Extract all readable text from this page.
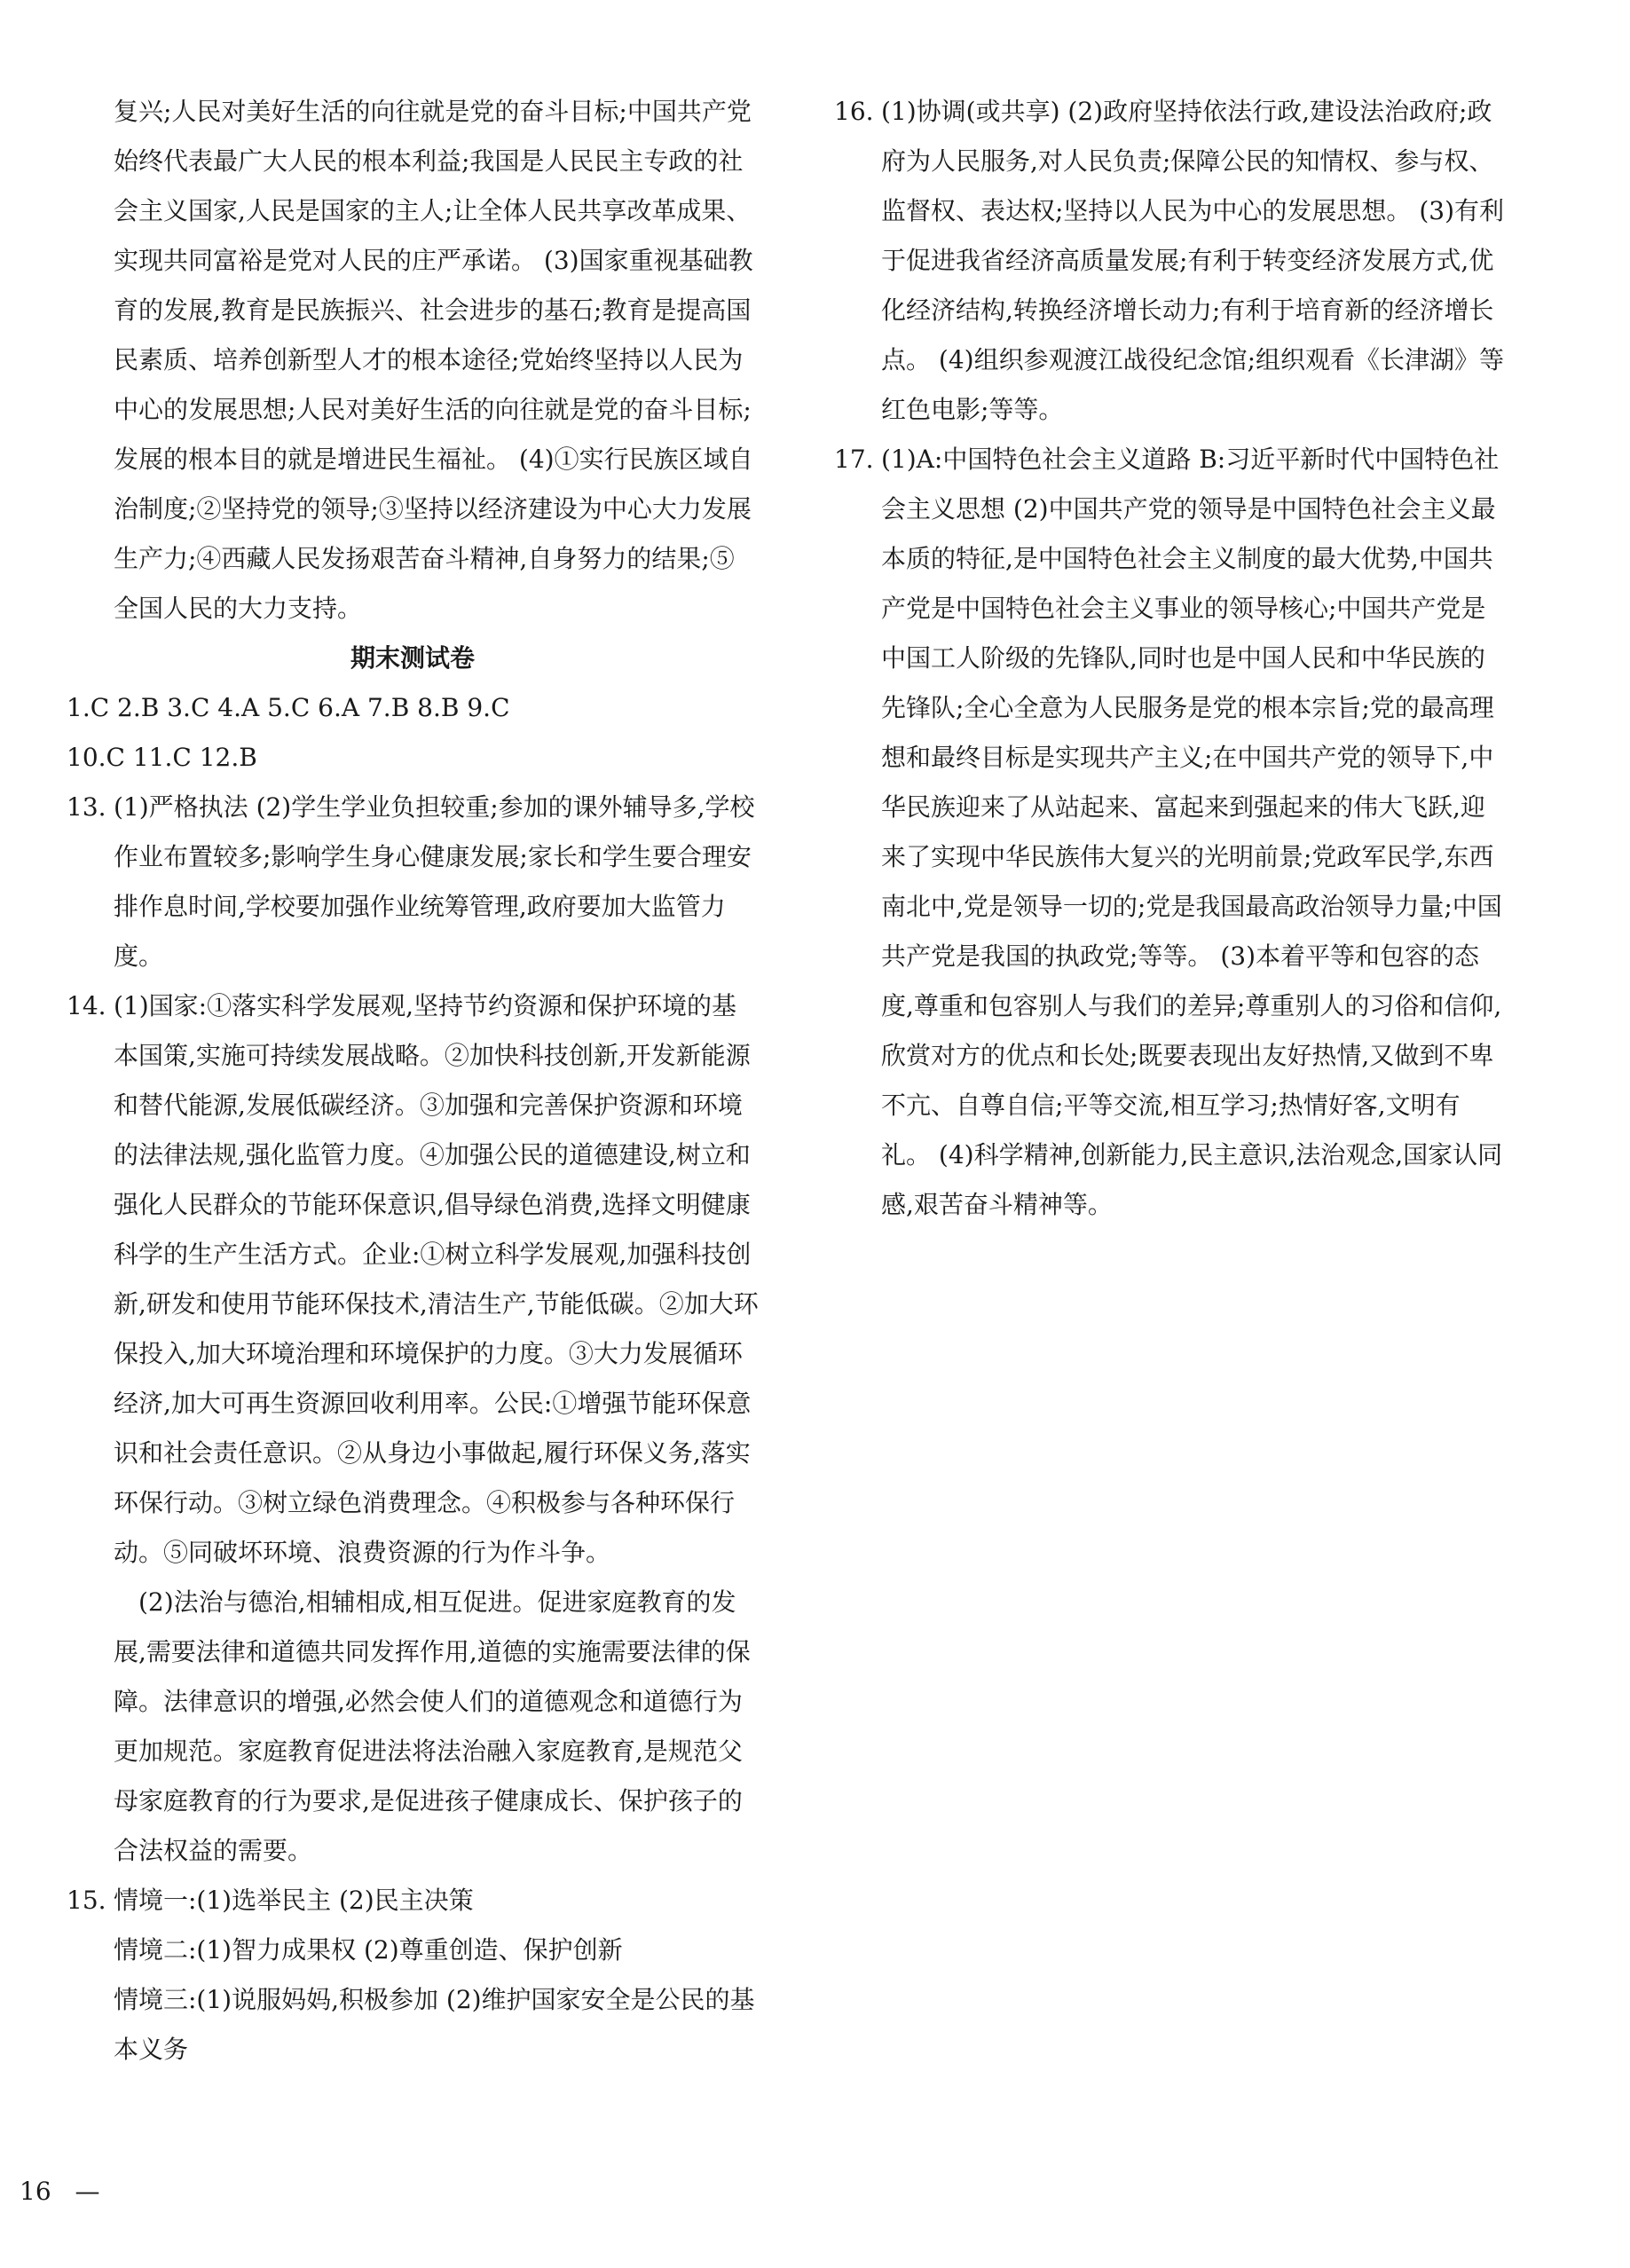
复兴;人民对美好生活的向往就是党的奋斗目标;中国共产党始终代表最广大人民的根本利益;我国是人民民主专政的社会主义国家,人民是国家的主人;让全体人民共享改革成果、实现共同富裕是党对人民的庄严承诺。 (3)国家重视基础教育的发展,教育是民族振兴、社会进步的基石;教育是提高国民素质、培养创新型人才的根本途径;党始终坚持以人民为中心的发展思想;人民对美好生活的向往就是党的奋斗目标;发展的根本目的就是增进民生福祉。 (4)①实行民族区域自治制度;②坚持党的领导;③坚持以经济建设为中心大力发展生产力;④西藏人民发扬艰苦奋斗精神,自身努力的结果;⑤全国人民的大力支持。

期末测试卷

1.C 2.B 3.C 4.A 5.C 6.A 7.B 8.B 9.C

10.C 11.C 12.B

13. (1)严格执法 (2)学生学业负担较重;参加的课外辅导多,学校作业布置较多;影响学生身心健康发展;家长和学生要合理安排作息时间,学校要加强作业统筹管理,政府要加大监管力度。
14. (1)国家:①落实科学发展观,坚持节约资源和保护环境的基本国策,实施可持续发展战略。②加快科技创新,开发新能源和替代能源,发展低碳经济。③加强和完善保护资源和环境的法律法规,强化监管力度。④加强公民的道德建设,树立和强化人民群众的节能环保意识,倡导绿色消费,选择文明健康科学的生产生活方式。企业:①树立科学发展观,加强科技创新,研发和使用节能环保技术,清洁生产,节能低碳。②加大环保投入,加大环境治理和环境保护的力度。③大力发展循环经济,加大可再生资源回收利用率。公民:①增强节能环保意识和社会责任意识。②从身边小事做起,履行环保义务,落实环保行动。③树立绿色消费理念。④积极参与各种环保行动。⑤同破坏环境、浪费资源的行为作斗争。

(2)法治与德治,相辅相成,相互促进。促进家庭教育的发展,需要法律和道德共同发挥作用,道德的实施需要法律的保障。法律意识的增强,必然会使人们的道德观念和道德行为更加规范。家庭教育促进法将法治融入家庭教育,是规范父母家庭教育的行为要求,是促进孩子健康成长、保护孩子的合法权益的需要。

15. 情境一:(1)选举民主 (2)民主决策

情境二:(1)智力成果权 (2)尊重创造、保护创新

情境三:(1)说服妈妈,积极参加 (2)维护国家安全是公民的基本义务

16. (1)协调(或共享) (2)政府坚持依法行政,建设法治政府;政府为人民服务,对人民负责;保障公民的知情权、参与权、监督权、表达权;坚持以人民为中心的发展思想。 (3)有利于促进我省经济高质量发展;有利于转变经济发展方式,优化经济结构,转换经济增长动力;有利于培育新的经济增长点。 (4)组织参观渡江战役纪念馆;组织观看《长津湖》等红色电影;等等。
17. (1)A:中国特色社会主义道路 B:习近平新时代中国特色社会主义思想 (2)中国共产党的领导是中国特色社会主义最本质的特征,是中国特色社会主义制度的最大优势,中国共产党是中国特色社会主义事业的领导核心;中国共产党是中国工人阶级的先锋队,同时也是中国人民和中华民族的先锋队;全心全意为人民服务是党的根本宗旨;党的最高理想和最终目标是实现共产主义;在中国共产党的领导下,中华民族迎来了从站起来、富起来到强起来的伟大飞跃,迎来了实现中华民族伟大复兴的光明前景;党政军民学,东西南北中,党是领导一切的;党是我国最高政治领导力量;中国共产党是我国的执政党;等等。 (3)本着平等和包容的态度,尊重和包容别人与我们的差异;尊重别人的习俗和信仰,欣赏对方的优点和长处;既要表现出友好热情,又做到不卑不亢、自尊自信;平等交流,相互学习;热情好客,文明有礼。 (4)科学精神,创新能力,民主意识,法治观念,国家认同感,艰苦奋斗精神等。
16 —
